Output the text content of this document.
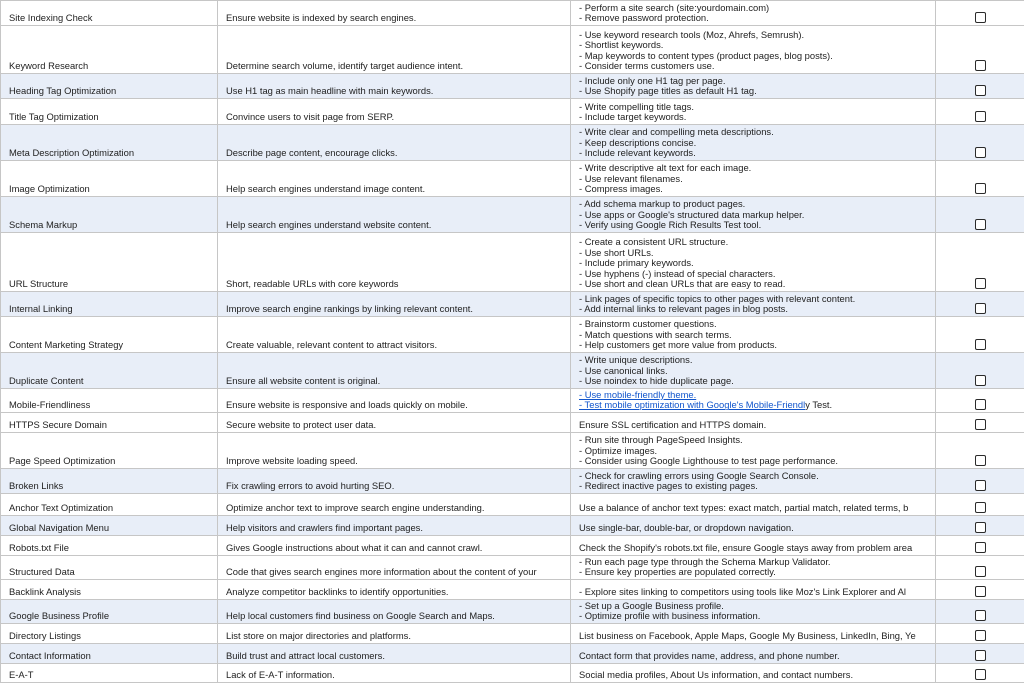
Site Indexing Check	Ensure website is indexed by search engines.	- Perform a site search (site:yourdomain.com)
- Remove password protection.	

Keyword Research	Determine search volume, identify target audience intent.	- Use keyword research tools (Moz, Ahrefs, Semrush).
- Shortlist keywords.
- Map keywords to content types (product pages, blog posts).
- Consider terms customers use.	

Heading Tag Optimization	Use H1 tag as main headline with main keywords.	- Include only one H1 tag per page.
- Use Shopify page titles as default H1 tag.	

Title Tag Optimization	Convince users to visit page from SERP.	- Write compelling title tags.
- Include target keywords.	

Meta Description Optimization	Describe page content, encourage clicks.	- Write clear and compelling meta descriptions.
- Keep descriptions concise.
- Include relevant keywords.	

Image Optimization	Help search engines understand image content.	- Write descriptive alt text for each image.
- Use relevant filenames.
- Compress images.	

Schema Markup	Help search engines understand website content.	- Add schema markup to product pages.
- Use apps or Google's structured data markup helper.
- Verify using Google Rich Results Test tool.	

URL Structure	Short, readable URLs with core keywords	- Create a consistent URL structure.
- Use short URLs.
- Include primary keywords.
- Use hyphens (-) instead of special characters.
- Use short and clean URLs that are easy to read.	

Internal Linking	Improve search engine rankings by linking relevant content.	- Link pages of specific topics to other pages with relevant content.
- Add internal links to relevant pages in blog posts.	

Content Marketing Strategy	Create valuable, relevant content to attract visitors.	- Brainstorm customer questions.
- Match questions with search terms.
- Help customers get more value from products.	

Duplicate Content	Ensure all website content is original.	- Write unique descriptions.
- Use canonical links.
- Use noindex to hide duplicate page.	

Mobile-Friendliness	Ensure website is responsive and loads quickly on mobile.	- Use mobile-friendly theme.
- Test mobile optimization with Google's Mobile-Friendly Test.	

HTTPS Secure Domain	Secure website to protect user data.	Ensure SSL certification and HTTPS domain.	

Page Speed Optimization	Improve website loading speed.	- Run site through PageSpeed Insights.
- Optimize images.
- Consider using Google Lighthouse to test page performance.	

Broken Links	Fix crawling errors to avoid hurting SEO.	- Check for crawling errors using Google Search Console.
- Redirect inactive pages to existing pages.	

Anchor Text Optimization	Optimize anchor text to improve search engine understanding.	Use a balance of anchor text types: exact match, partial match, related terms, b	

Global Navigation Menu	Help visitors and crawlers find important pages.	Use single-bar, double-bar, or dropdown navigation.	

Robots.txt File	Gives Google instructions about what it can and cannot crawl.	Check the Shopify's robots.txt file, ensure Google stays away from problem area	

Structured Data	Code that gives search engines more information about the content of your	- Run each page type through the Schema Markup Validator.
- Ensure key properties are populated correctly.	

Backlink Analysis	Analyze competitor backlinks to identify opportunities.	- Explore sites linking to competitors using tools like Moz's Link Explorer and Al	

Google Business Profile	Help local customers find business on Google Search and Maps.	- Set up a Google Business profile.
- Optimize profile with business information.	

Directory Listings	List store on major directories and platforms.	List business on Facebook, Apple Maps, Google My Business, LinkedIn, Bing, Ye	

Contact Information	Build trust and attract local customers.	Contact form that provides name, address, and phone number.	

E-A-T	Lack of E-A-T information.	Social media profiles, About Us information, and contact numbers.	
